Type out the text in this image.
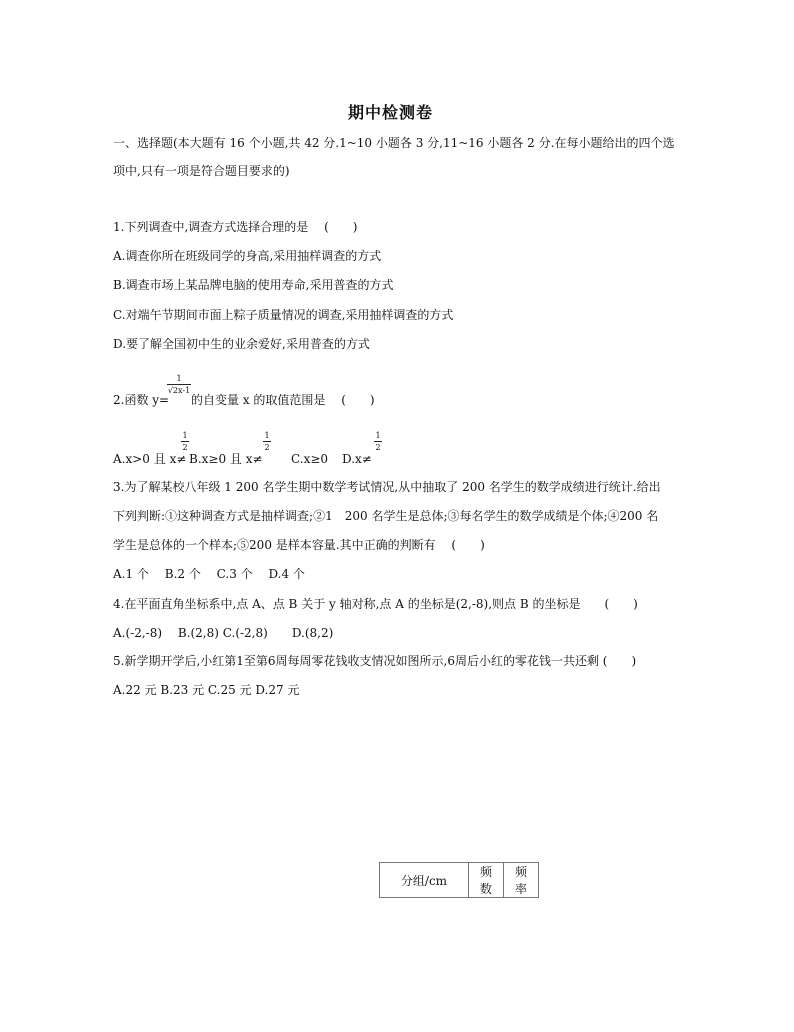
期中检测卷
一、选择题(本大题有 16 个小题,共 42 分.1~10 小题各 3 分,11~16 小题各 2 分.在每小题给出的四个选
项中,只有一项是符合题目要求的)
1.下列调查中,调查方式选择合理的是 　(　　)
A.调查你所在班级同学的身高,采用抽样调查的方式
B.调查市场上某品牌电脑的使用寿命,采用普查的方式
C.对端午节期间市面上粽子质量情况的调查,采用抽样调查的方式
D.要了解全国初中生的业余爱好,采用普查的方式
2.函数 y=
1
√2x-1
的自变量 x 的取值范围是 　(　　)
A.x>0 且 x≠
1
2
B.x≥0 且 x≠
1
2
C.x≥0 D.x≠
1
2
3.为了解某校八年级 1 200 名学生期中数学考试情况,从中抽取了 200 名学生的数学成绩进行统计.给出
下列判断:①这种调查方式是抽样调查;②1　200 名学生是总体;③每名学生的数学成绩是个体;④200 名
学生是总体的一个样本;⑤200 是样本容量.其中正确的判断有　 (　　)
A.1 个　 B.2 个　 C.3 个　 D.4 个
4.在平面直角坐标系中,点 A、点 B 关于 y 轴对称,点 A 的坐标是(2,-8),则点 B 的坐标是　　(　　)
A.(-2,-8)　 B.(2,8) C.(-2,8)　　D.(8,2)
5.新学期开学后,小红第1至第6周每周零花钱收支情况如图所示,6周后小红的零花钱一共还剩 (　　)
A.22 元 B.23 元 C.25 元 D.27 元
分组/cm	频数	频率
